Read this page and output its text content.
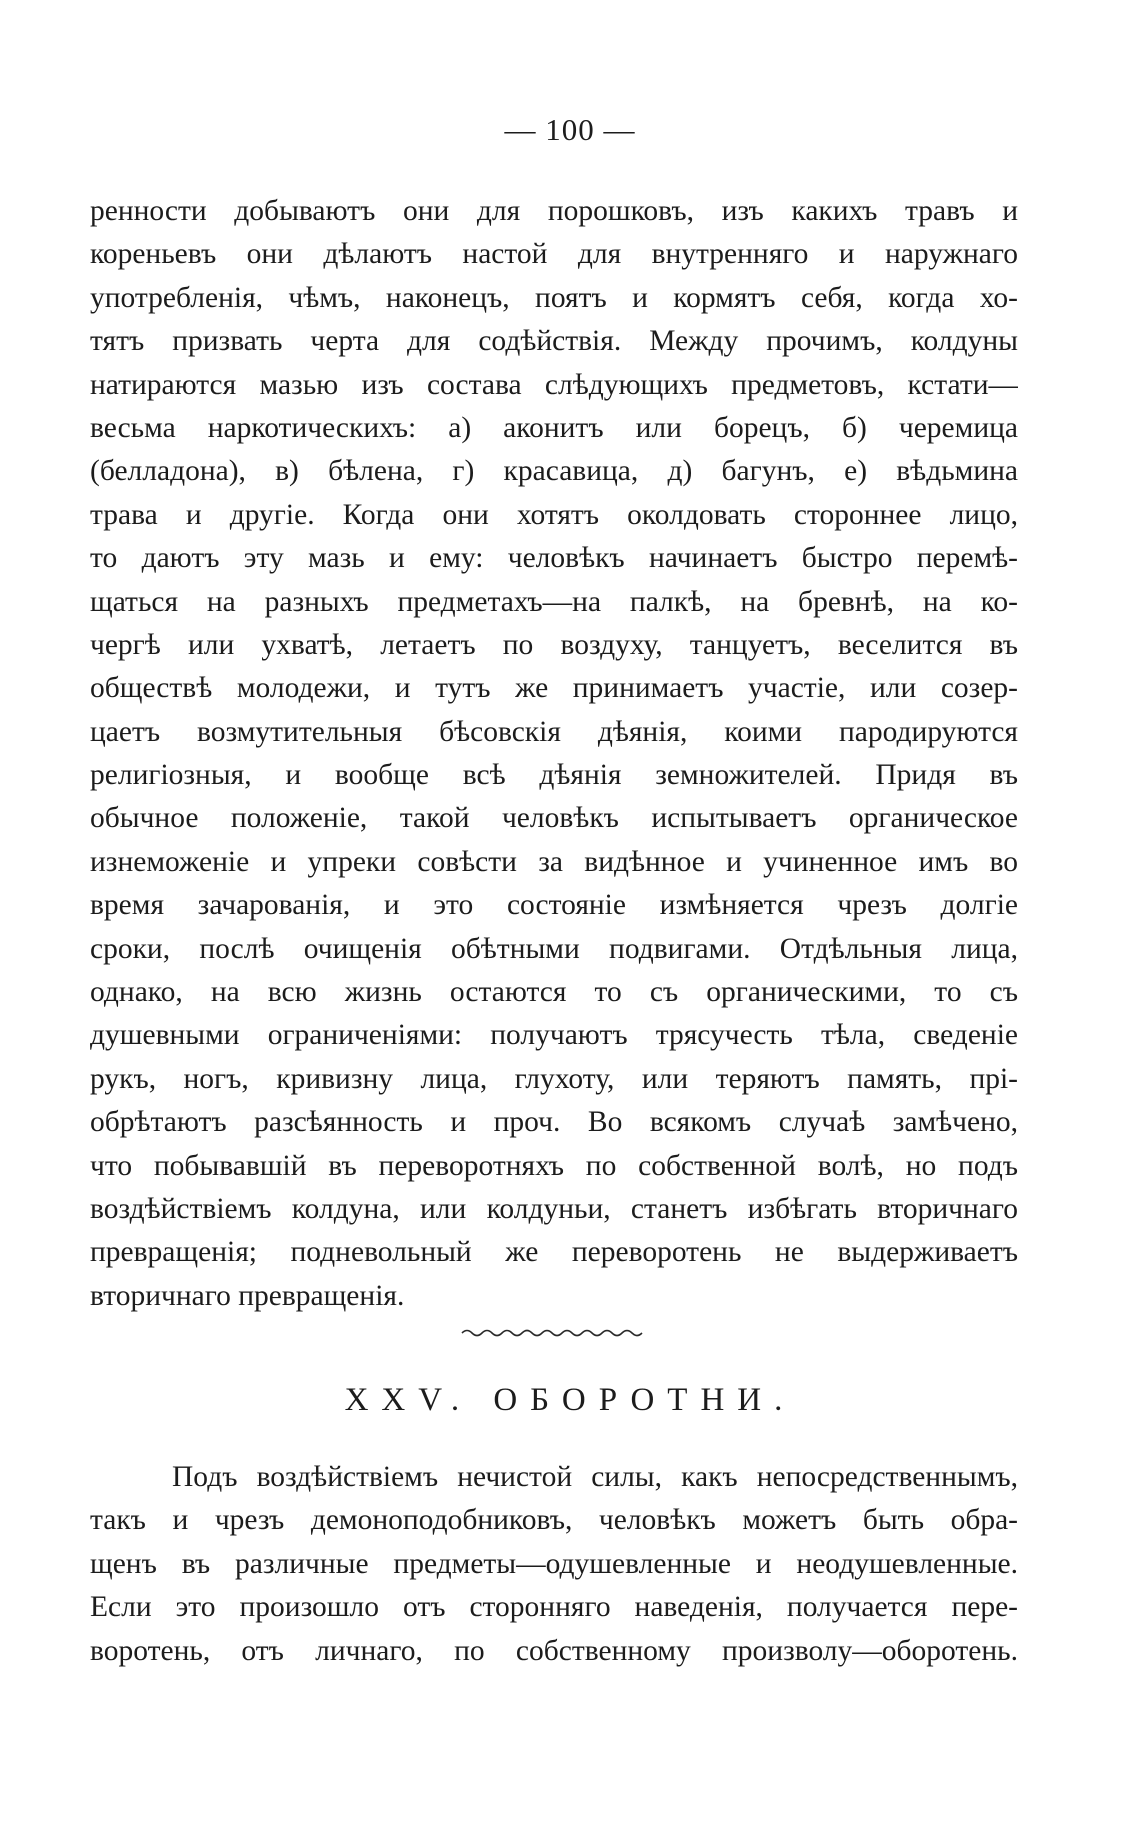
— 100 —
ренности добываютъ они для порошковъ, изъ какихъ травъ и
кореньевъ они дѣлаютъ настой для внутренняго и наружнаго
употребленія, чѣмъ, наконецъ, поятъ и кормятъ себя, когда хо-
тятъ призвать черта для содѣйствія. Между прочимъ, колдуны
натираются мазью изъ состава слѣдующихъ предметовъ, кстати—
весьма наркотическихъ: а) аконитъ или борецъ, б) черемица
(белладона), в) бѣлена, г) красавица, д) багунъ, е) вѣдьмина
трава и другіе. Когда они хотятъ околдовать стороннее лицо,
то даютъ эту мазь и ему: человѣкъ начинаетъ быстро перемѣ-
щаться на разныхъ предметахъ—на палкѣ, на бревнѣ, на ко-
чергѣ или ухватѣ, летаетъ по воздуху, танцуетъ, веселится въ
обществѣ молодежи, и тутъ же принимаетъ участіе, или созер-
цаетъ возмутительныя бѣсовскія дѣянія, коими пародируются
религіозныя, и вообще всѣ дѣянія земножителей. Придя въ
обычное положеніе, такой человѣкъ испытываетъ органическое
изнеможеніе и упреки совѣсти за видѣнное и учиненное имъ во
время зачарованія, и это состояніе измѣняется чрезъ долгіе
сроки, послѣ очищенія обѣтными подвигами. Отдѣльныя лица,
однако, на всю жизнь остаются то съ органическими, то съ
душевными ограниченіями: получаютъ трясучесть тѣла, сведеніе
рукъ, ногъ, кривизну лица, глухоту, или теряютъ память, прі-
обрѣтаютъ разсѣянность и проч. Во всякомъ случаѣ замѣчено,
что побывавшій въ переворотняхъ по собственной волѣ, но подъ
воздѣйствіемъ колдуна, или колдуньи, станетъ избѣгать вторичнаго
превращенія; подневольный же переворотень не выдерживаетъ
вторичнаго превращенія.
XXV. ОБОРОТНИ.
Подъ воздѣйствіемъ нечистой силы, какъ непосредственнымъ,
такъ и чрезъ демоноподобниковъ, человѣкъ можетъ быть обра-
щенъ въ различные предметы—одушевленные и неодушевленные.
Если это произошло отъ сторонняго наведенія, получается пере-
воротень, отъ личнаго, по собственному произволу—оборотень.
